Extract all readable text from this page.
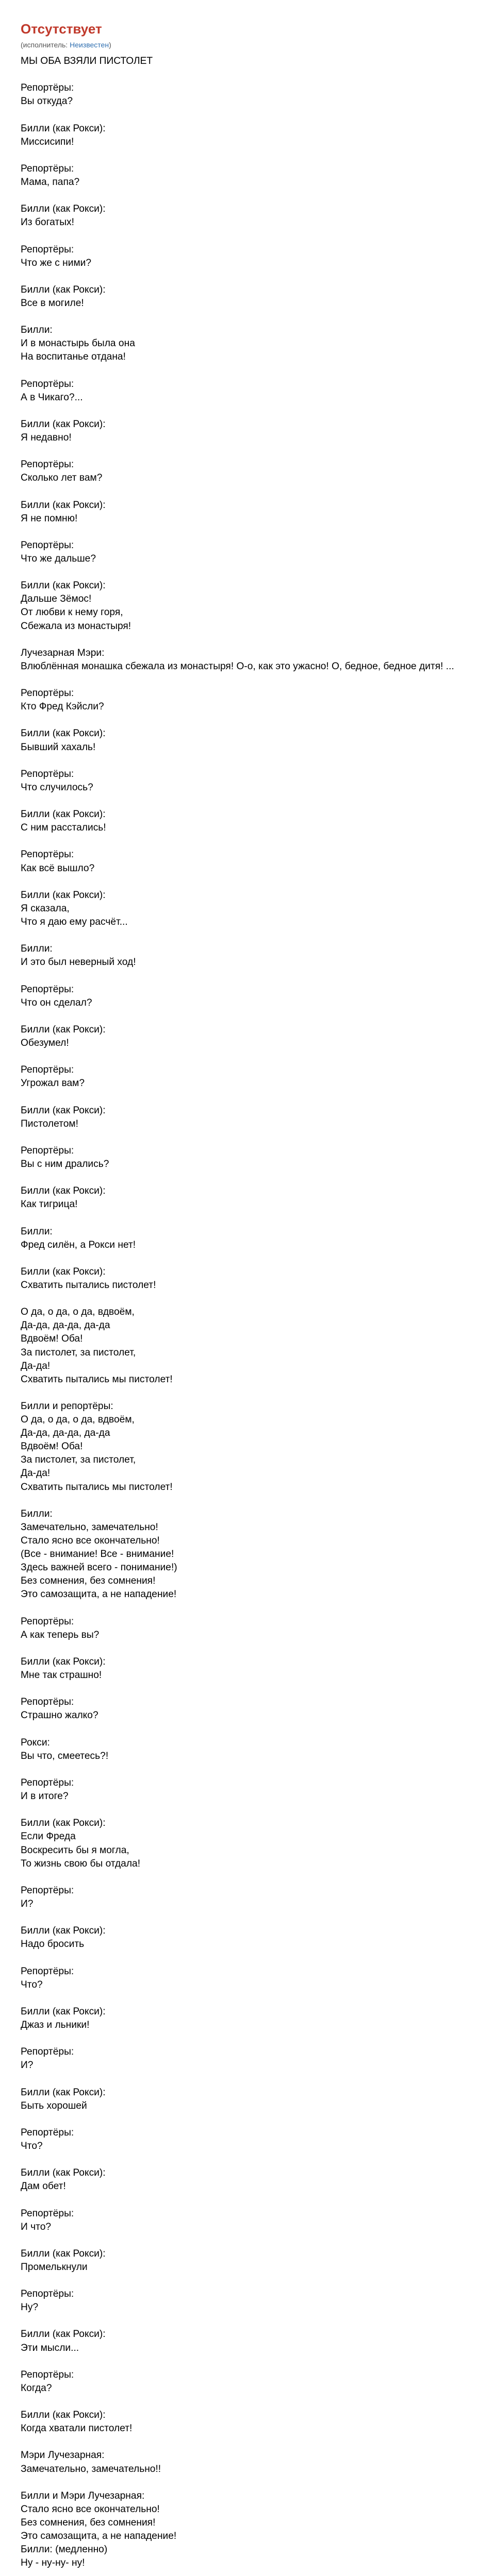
Отсутствует
(исполнитель: Неизвестен)
МЫ ОБА ВЗЯЛИ ПИСТОЛЕТ

Репортёры:
Вы откуда?

Билли (как Рокси):
Миссисипи!

Репортёры:
Мама, папа?

Билли (как Рокси):
Из богатых!

Репортёры:
Что же с ними?

Билли (как Рокси):
Все в могиле!

Билли:
И в монастырь была она
На воспитанье отдана!

Репортёры:
А в Чикаго?...

Билли (как Рокси):
Я недавно!

Репортёры:
Сколько лет вам?

Билли (как Рокси):
Я не помню!

Репортёры:
Что же дальше?

Билли (как Рокси):
Дальше Зёмос!
От любви к нему горя,
Сбежала из монастыря!

Лучезарная Мэри:
Влюблённая монашка сбежала из монастыря! О-о, как это ужасно! О, бедное, бедное дитя! ...

Репортёры:
Кто Фред Кэйсли?

Билли (как Рокси):
Бывший хахаль!

Репортёры:
Что случилось?

Билли (как Рокси):
С ним расстались!

Репортёры:
Как всё вышло?

Билли (как Рокси):
Я сказала,
Что я даю ему расчёт...

Билли:
И это был неверный ход!

Репортёры:
Что он сделал?

Билли (как Рокси):
Обезумел!

Репортёры:
Угрожал вам?

Билли (как Рокси):
Пистолетом!

Репортёры:
Вы с ним дрались?

Билли (как Рокси):
Как тигрица!

Билли:
Фред силён, а Рокси нет!

Билли (как Рокси):
Схватить пытались пистолет!

О да, о да, о да, вдвоём,
Да-да, да-да, да-да
Вдвоём! Оба!
За пистолет, за пистолет,
Да-да!
Схватить пытались мы пистолет!

Билли и репортёры:
О да, о да, о да, вдвоём,
Да-да, да-да, да-да
Вдвоём! Оба!
За пистолет, за пистолет,
Да-да!
Схватить пытались мы пистолет!

Билли:
Замечательно, замечательно!
Стало ясно все окончательно!
(Все - внимание! Все - внимание!
Здесь важней всего - понимание!)
Без сомнения, без сомнения!
Это самозащита, а не нападение!

Репортёры:
А как теперь вы?

Билли (как Рокси):
Мне так страшно!

Репортёры:
Страшно жалко?

Рокси:
Вы что, смеетесь?!

Репортёры:
И в итоге?

Билли (как Рокси):
Если Фреда
Воскресить бы я могла,
То жизнь свою бы отдала!

Репортёры:
И?

Билли (как Рокси):
Надо бросить

Репортёры:
Что?

Билли (как Рокси):
Джаз и льники!

Репортёры:
И?

Билли (как Рокси):
Быть хорошей

Репортёры:
Что?

Билли (как Рокси):
Дам обет!

Репортёры:
И что?

Билли (как Рокси):
Промелькнули

Репортёры:
Ну?

Билли (как Рокси):
Эти мысли...

Репортёры:
Когда?

Билли (как Рокси):
Когда хватали пистолет!

Мэри Лучезарная:
Замечательно, замечательно!!

Билли и Мэри Лучезарная:
Стало ясно все окончательно!
Без сомнения, без сомнения!
Это самозащита, а не нападение!
Билли: (медленно)
Ну - ну-ну- ну!
